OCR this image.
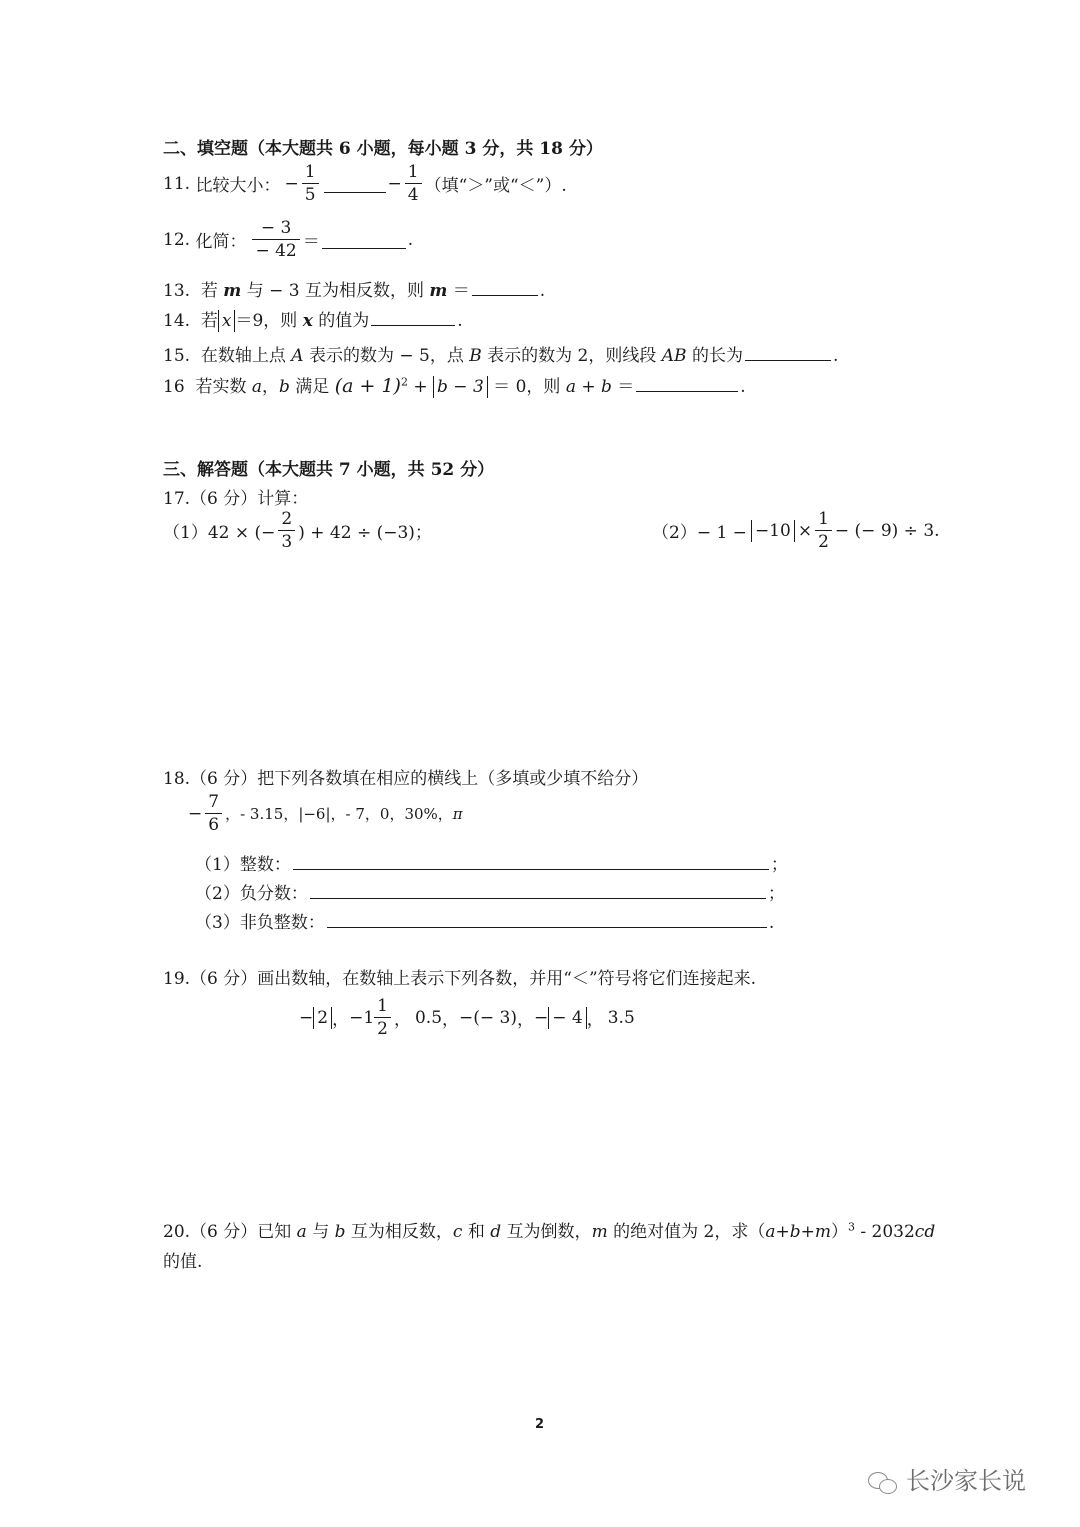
二、填空题（本大题共 6 小题，每小题 3 分，共 18 分）
11.
比较大小： − $\frac{1}{5}$	− $\frac{1}{4}$ （填“＞”或“＜”）.
12.
化简： $\frac{- 3}{- 42}$ ＝	.
13. 若 m 与 − 3 互为相反数，则 m ＝	.
14. 若 x ＝9，则 x 的值为	.
15. 在数轴上点 A 表示的数为 − 5，点 B 表示的数为 2，则线段 AB 的长为	.
16 若实数 a，b 满足 $(a + 1)^2 + b - 3 = 0$，则 a + b ＝	.
三、解答题（本大题共 7 小题，共 52 分）
17.（6 分）计算：
（1）42 × (− $\frac{2}{3}$ ) + 42 ÷ (−3)；	$(2)- 1 - -10 \times \frac{1}{2}$ − (− 9) ÷ 3.
18.（6 分）把下列各数填在相应的横线上（多填或少填不给分）
− $\frac{7}{6}$ ，- 3.15，|−6|，- 7，0，30%， π
（1）整数：	；
（2）负分数：	；
（3）非负整数：	.
19.（6 分）画出数轴，在数轴上表示下列各数，并用“＜”符号将它们连接起来.
− 2 ， $-1 \frac{1}{2}$ ， 0.5 ， −(− 3) ， − − 4 ， 3.5
20.（6 分）已知 a 与 b 互为相反数，c 和 d 互为倒数，m 的绝对值为 2，求$(a+b+m)^3 - 2032cd$
的值.
2
长沙家长说
